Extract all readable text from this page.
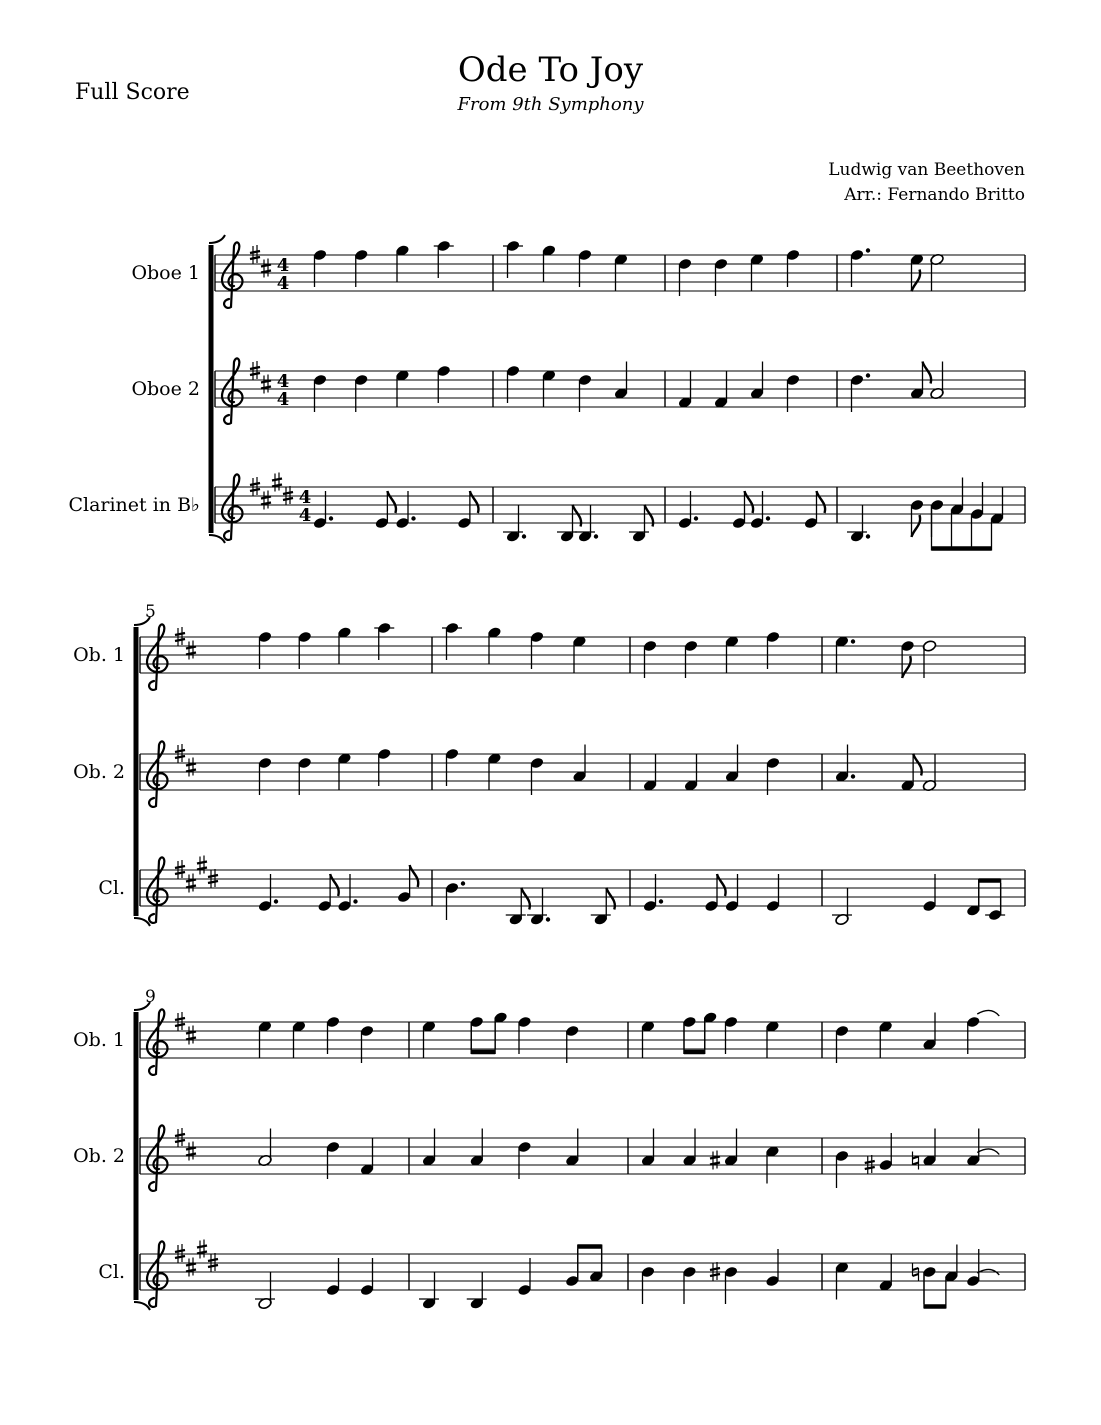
Full Score
Ode To Joy
From 9th Symphony
Ludwig van Beethoven
Arr.: Fernando Britto
Oboe 1	4
4
Oboe 2	4
4
Clarinet in B♭	4
4
5
Ob. 1
Ob. 2
Cl.
9
Ob. 1
Ob. 2
Cl.
